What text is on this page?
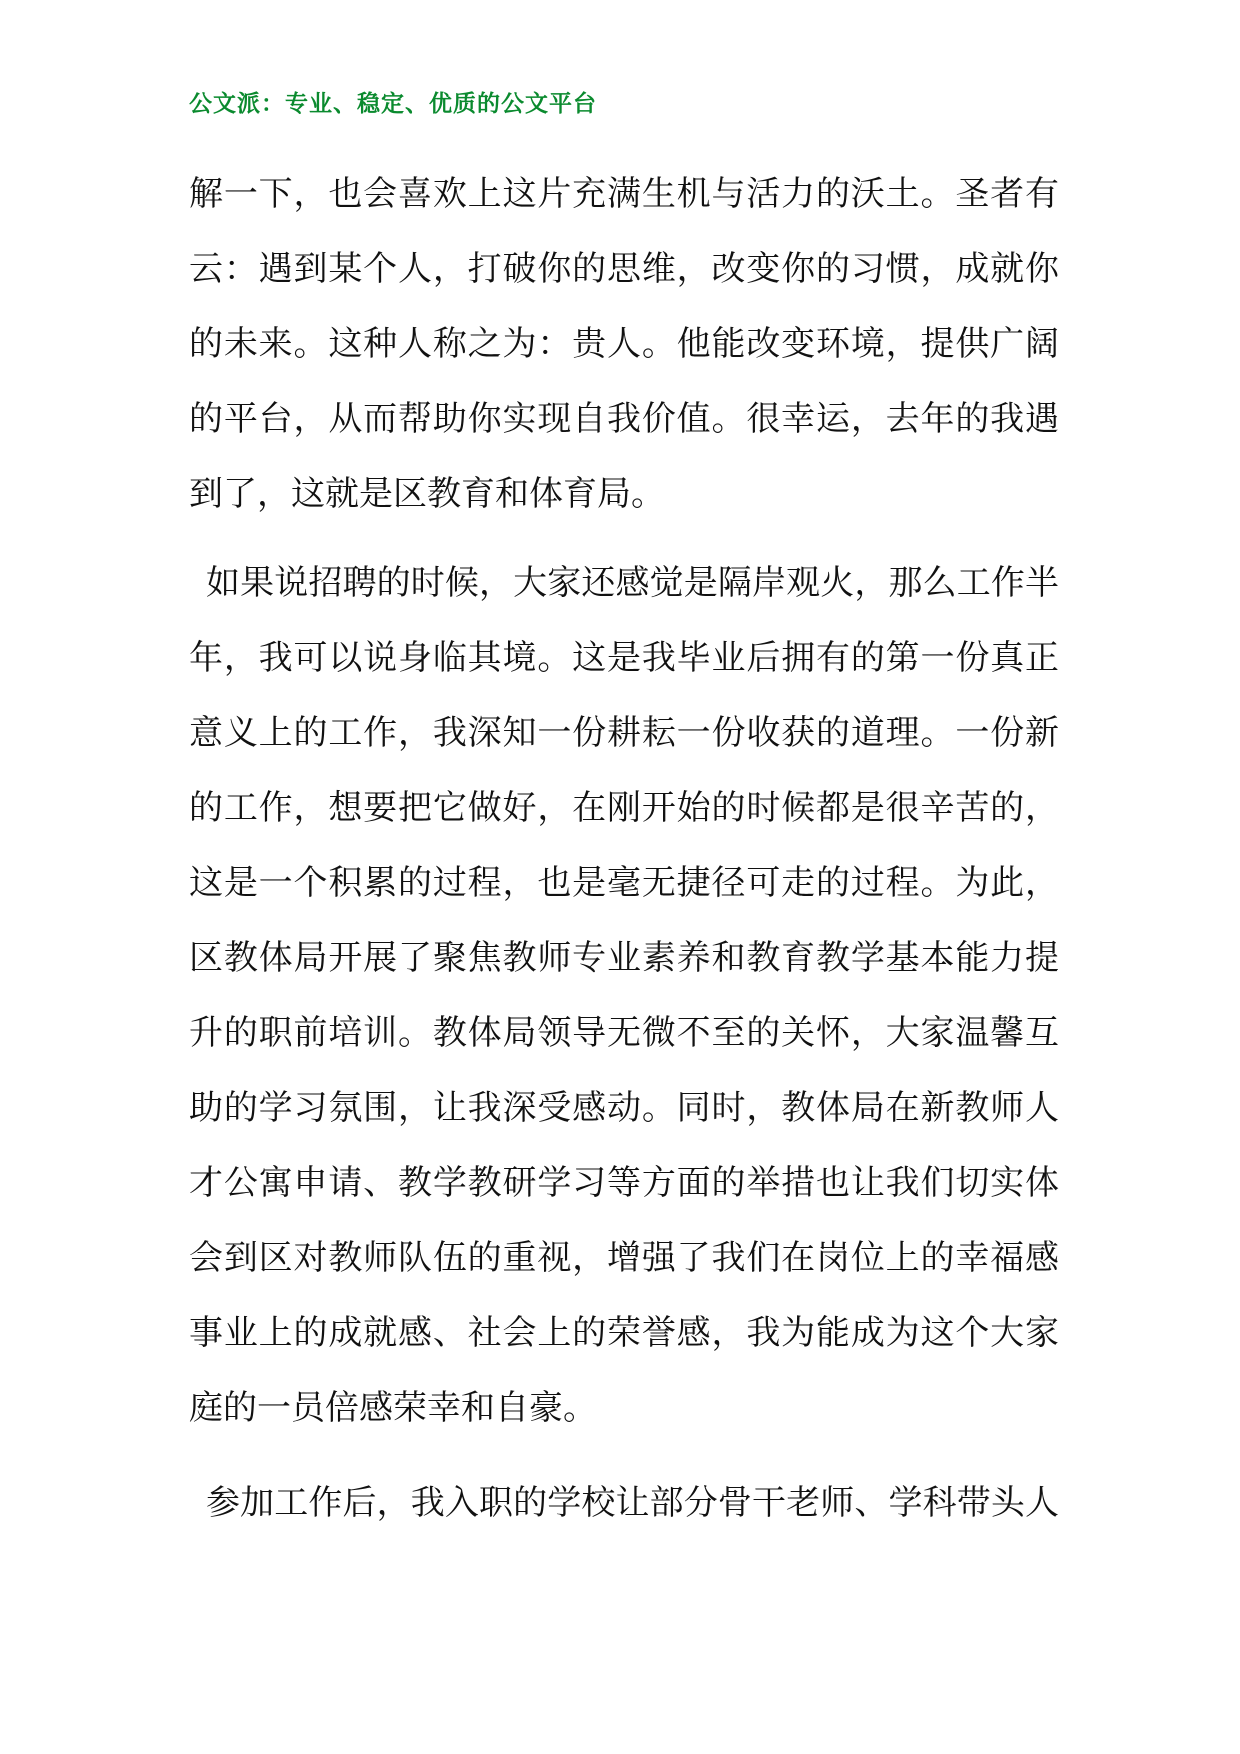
公文派：专业、稳定、优质的公文平台
解一下，也会喜欢上这片充满生机与活力的沃土。圣者有
云：遇到某个人，打破你的思维，改变你的习惯，成就你
的未来。这种人称之为：贵人。他能改变环境，提供广阔
的平台，从而帮助你实现自我价值。很幸运，去年的我遇
到了，这就是区教育和体育局。
如果说招聘的时候，大家还感觉是隔岸观火，那么工作半
年，我可以说身临其境。这是我毕业后拥有的第一份真正
意义上的工作，我深知一份耕耘一份收获的道理。一份新
的工作，想要把它做好，在刚开始的时候都是很辛苦的，
这是一个积累的过程，也是毫无捷径可走的过程。为此，
区教体局开展了聚焦教师专业素养和教育教学基本能力提
升的职前培训。教体局领导无微不至的关怀，大家温馨互
助的学习氛围，让我深受感动。同时，教体局在新教师人
才公寓申请、教学教研学习等方面的举措也让我们切实体
会到区对教师队伍的重视，增强了我们在岗位上的幸福感
事业上的成就感、社会上的荣誉感，我为能成为这个大家
庭的一员倍感荣幸和自豪。
参加工作后，我入职的学校让部分骨干老师、学科带头人
